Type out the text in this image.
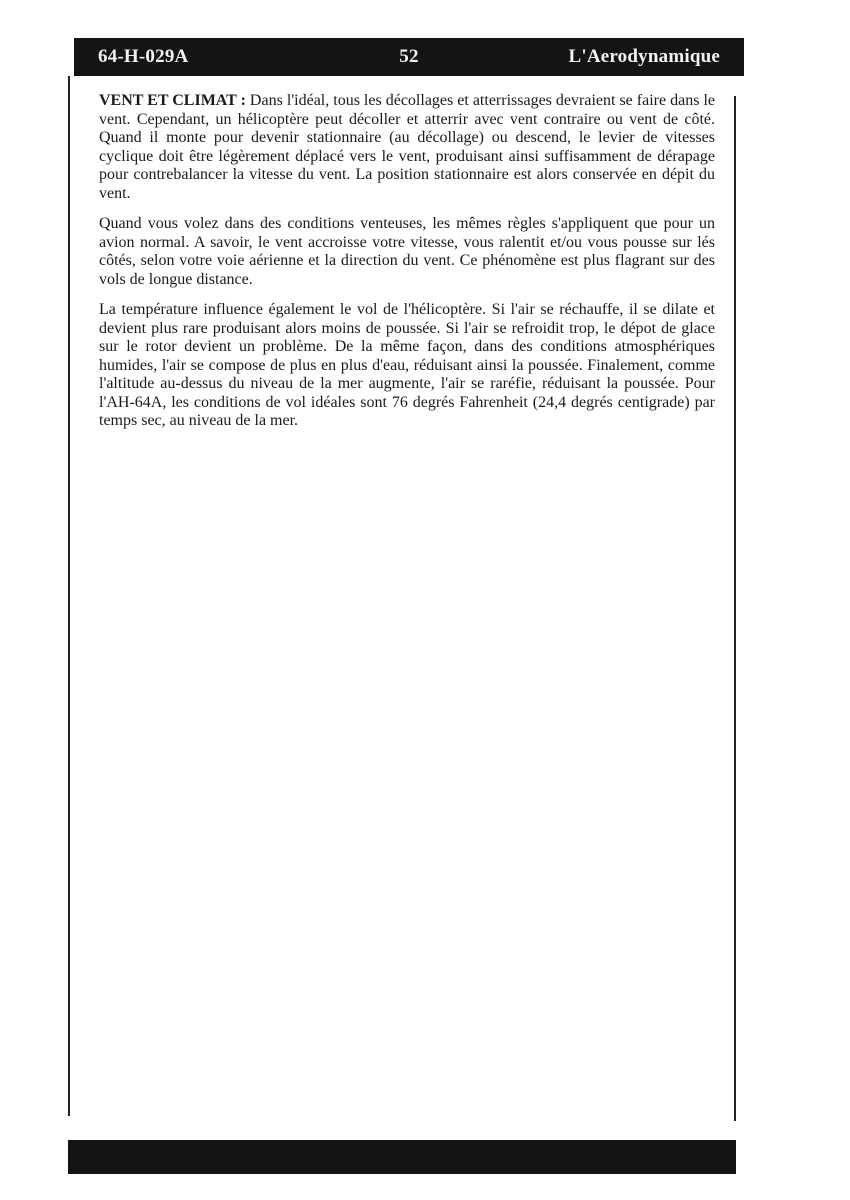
64-H-029A	52	L'Aerodynamique

VENT ET CLIMAT : Dans l'idéal, tous les décollages et atterrissages devraient se faire dans le vent. Cependant, un hélicoptère peut décoller et atterrir avec vent contraire ou vent de côté. Quand il monte pour devenir stationnaire (au décollage) ou descend, le levier de vitesses cyclique doit être légèrement déplacé vers le vent, produisant ainsi suffisamment de dérapage pour contrebalancer la vitesse du vent. La position stationnaire est alors conservée en dépit du vent.

Quand vous volez dans des conditions venteuses, les mêmes règles s'appliquent que pour un avion normal. A savoir, le vent accroisse votre vitesse, vous ralentit et/ou vous pousse sur lés côtés, selon votre voie aérienne et la direction du vent. Ce phénomène est plus flagrant sur des vols de longue distance.

La température influence également le vol de l'hélicoptère. Si l'air se réchauffe, il se dilate et devient plus rare produisant alors moins de poussée. Si l'air se refroidit trop, le dépot de glace sur le rotor devient un problème. De la même façon, dans des conditions atmosphériques humides, l'air se compose de plus en plus d'eau, réduisant ainsi la poussée. Finalement, comme l'altitude au-dessus du niveau de la mer augmente, l'air se raréfie, réduisant la poussée. Pour l'AH-64A, les conditions de vol idéales sont 76 degrés Fahrenheit (24,4 degrés centigrade) par temps sec, au niveau de la mer.
